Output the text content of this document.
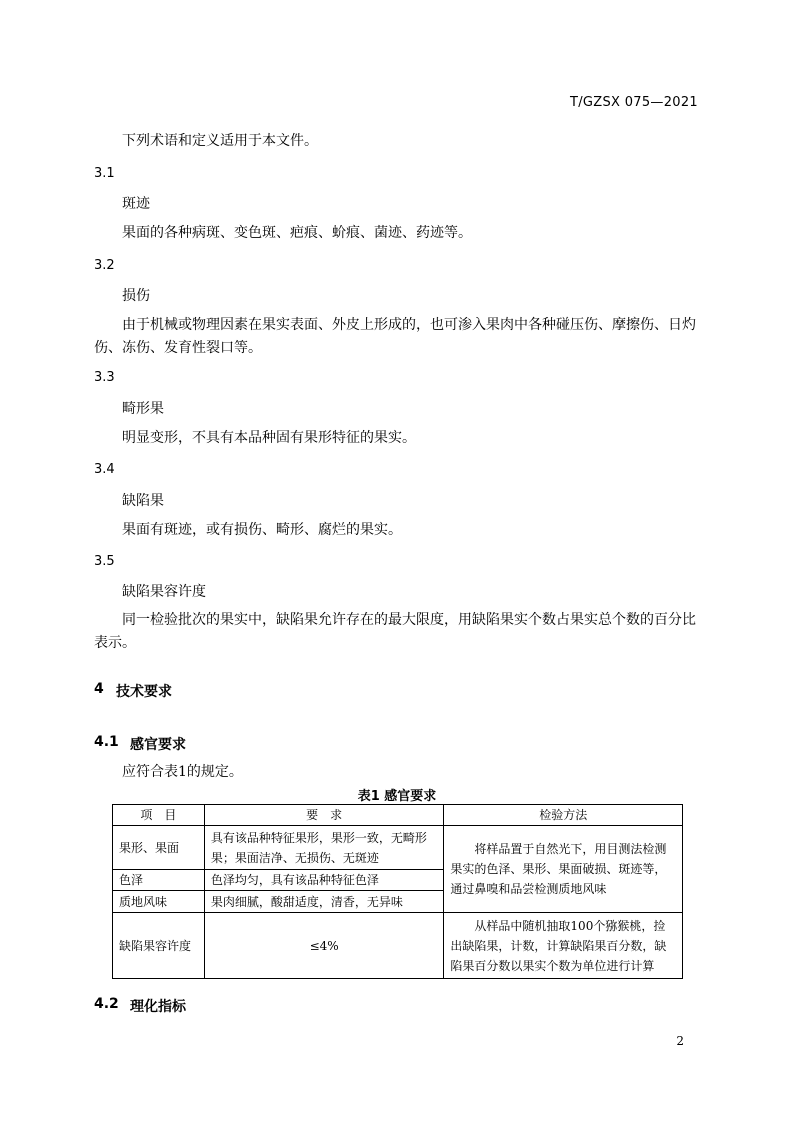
T/GZSX 075—2021
下列术语和定义适用于本文件。
3.1
斑迹
果面的各种病斑、变色斑、疤痕、蚧痕、菌迹、药迹等。
3.2
损伤
由于机械或物理因素在果实表面、外皮上形成的，也可渗入果肉中各种碰压伤、摩擦伤、日灼
伤、冻伤、发育性裂口等。
3.3
畸形果
明显变形，不具有本品种固有果形特征的果实。
3.4
缺陷果
果面有斑迹，或有损伤、畸形、腐烂的果实。
3.5
缺陷果容许度
同一检验批次的果实中，缺陷果允许存在的最大限度，用缺陷果实个数占果实总个数的百分比
表示。
4 技术要求
4.1 感官要求
应符合表1的规定。
表1 感官要求
项　目	要　求	检验方法
果形、果面	具有该品种特征果形，果形一致，无畸形果；果面洁净、无损伤、无斑迹	将样品置于自然光下，用目测法检测果实的色泽、果形、果面破损、斑迹等，通过鼻嗅和品尝检测质地风味
色泽	色泽均匀，具有该品种特征色泽	
质地风味	果肉细腻，酸甜适度，清香，无异味	
缺陷果容许度	≤4%	从样品中随机抽取100个猕猴桃，捡出缺陷果，计数，计算缺陷果百分数，缺陷果百分数以果实个数为单位进行计算
4.2 理化指标
2
